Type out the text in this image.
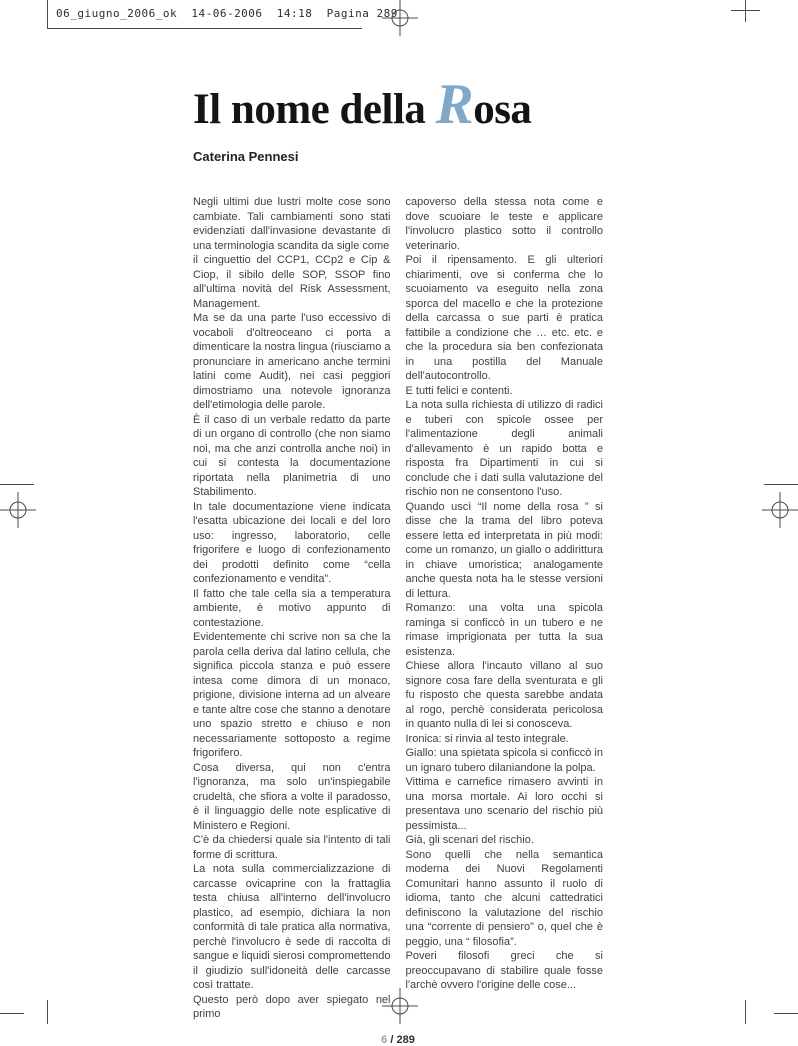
06_giugno_2006_ok  14-06-2006  14:18  Pagina 289
Il nome della Rosa
Caterina Pennesi

Negli ultimi due lustri molte cose sono cambiate. Tali cambiamenti sono stati evidenziati dall'invasione devastante di una terminologia scandita da sigle come

il cinguettio del CCP1, CCp2 e Cip & Ciop, il sibilo delle SOP, SSOP fino all'ultima novità del Risk Assessment, Management.

Ma se da una parte l'uso eccessivo di vocaboli d'oltreoceano ci porta a dimenticare la nostra lingua (riusciamo a pronunciare in americano anche termini latini come Audit), nei casi peggiori dimostriamo una notevole ignoranza dell'etimologia delle parole.

È il caso di un verbale redatto da parte di un organo di controllo (che non siamo noi, ma che anzi controlla anche noi) in cui si contesta la documentazione riportata nella planimetria di uno Stabilimento.

In tale documentazione viene indicata l'esatta ubicazione dei locali e del loro uso: ingresso, laboratorio, celle frigorifere e luogo di confezionamento dei prodotti definito come “cella confezionamento e vendita”.

Il fatto che tale cella sia a temperatura ambiente, è motivo appunto di contestazione.

Evidentemente chi scrive non sa che la parola cella deriva dal latino cellula, che significa piccola stanza e può essere intesa come dimora di un monaco, prigione, divisione interna ad un alveare e tante altre cose che stanno a denotare uno spazio stretto e chiuso e non necessariamente sottoposto a regime frigorifero.

Cosa diversa, qui non c'entra l'ignoranza, ma solo un'inspiegabile crudeltà, che sfiora a volte il paradosso, è il linguaggio delle note esplicative di Ministero e Regioni.

C'è da chiedersi quale sia l'intento di tali forme di scrittura.

La nota sulla commercializzazione di carcasse ovicaprine con la frattaglia testa chiusa all'interno dell'involucro plastico, ad esempio, dichiara la non conformità di tale pratica alla normativa, perchè l'involucro è sede di raccolta di sangue e liquidi sierosi compromettendo il giudizio sull'idoneità delle carcasse così trattate.

Questo però dopo aver spiegato nel primo

capoverso della stessa nota come e dove scuoiare le teste e applicare l'involucro plastico sotto il controllo veterinario.

Poi il ripensamento. E gli ulteriori chiarimenti, ove si conferma che lo scuoiamento va eseguito nella zona sporca del macello e che la protezione della carcassa o sue parti è pratica fattibile a condizione che … etc. etc. e che la procedura sia ben confezionata in una postilla del Manuale dell'autocontrollo.

E tutti felici e contenti.

La nota sulla richiesta di utilizzo di radici e tuberi con spicole ossee per l'alimentazione degli animali d'allevamento è un rapido botta e risposta fra Dipartimenti in cui si conclude che i dati sulla valutazione del rischio non ne consentono l'uso.

Quando uscì “Il nome della rosa ” si disse che la trama del libro poteva essere letta ed interpretata in più modi: come un romanzo, un giallo o addirittura in chiave umoristica; analogamente anche questa nota ha le stesse versioni di lettura.

Romanzo: una volta una spicola raminga si conficcò in un tubero e ne rimase imprigionata per tutta la sua esistenza.

Chiese allora l'incauto villano al suo signore cosa fare della sventurata e gli fu risposto che questa sarebbe andata al rogo, perchè considerata pericolosa in quanto nulla di lei si conosceva.

Ironica: si rinvia al testo integrale.

Giallo: una spietata spicola si conficcò in un ignaro tubero dilaniandone la polpa.

Vittima e carnefice rimasero avvinti in una morsa mortale. Ai loro occhi si presentava uno scenario del rischio più pessimista...

Già, gli scenari del rischio.

Sono quelli che nella semantica moderna dei Nuovi Regolamenti Comunitari hanno assunto il ruolo di idioma, tanto che alcuni cattedratici definiscono la valutazione del rischio una “corrente di pensiero” o, quel che è peggio, una “ filosofia”.

Poveri filosofi greci che si preoccupavano di stabilire quale fosse l'archè ovvero l'origine delle cose...

6 / 289
